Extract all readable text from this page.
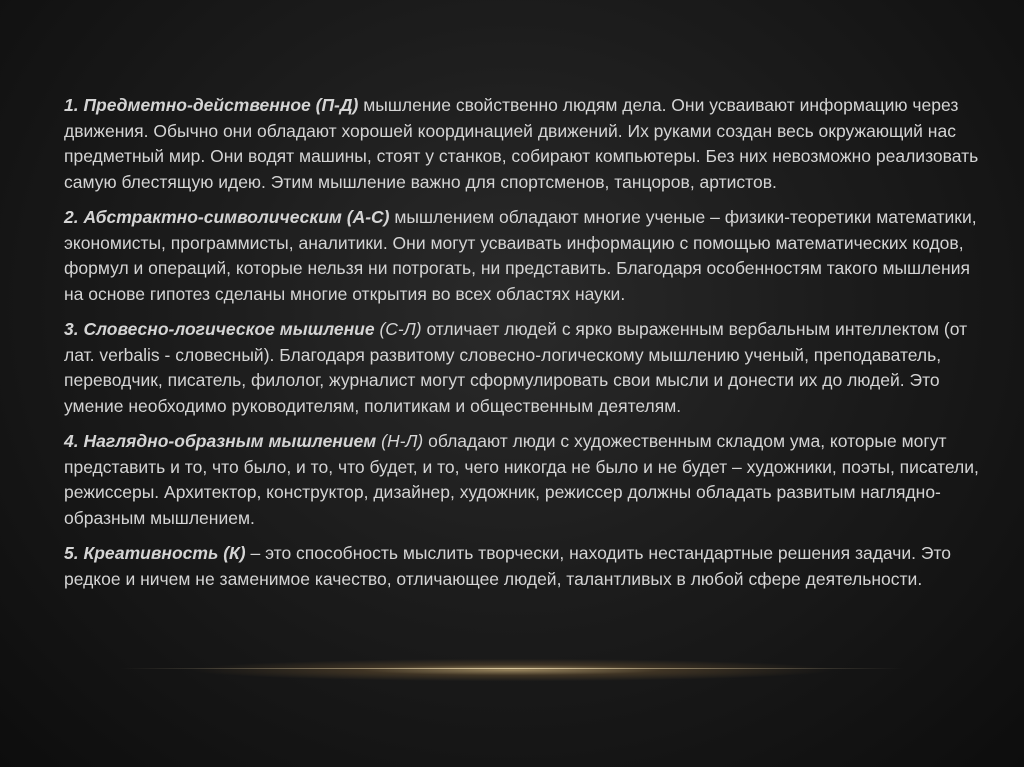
1. Предметно-действенное (П-Д) мышление свойственно людям дела. Они усваивают информацию через движения. Обычно они обладают хорошей координацией движений. Их руками создан весь окружающий нас предметный мир. Они водят машины, стоят у станков, собирают компьютеры. Без них невозможно реализовать самую блестящую идею. Этим мышление важно для спортсменов, танцоров, артистов.

2. Абстрактно-символическим (А-С) мышлением обладают многие ученые – физики-теоретики математики, экономисты, программисты, аналитики. Они могут усваивать информацию с помощью математических кодов, формул и операций, которые нельзя ни потрогать, ни представить. Благодаря особенностям такого мышления на основе гипотез сделаны многие открытия во всех областях науки.

3. Словесно-логическое мышление (С-Л) отличает людей с ярко выраженным вербальным интеллектом (от лат. verbalis - словесный). Благодаря развитому словесно-логическому мышлению ученый, преподаватель, переводчик, писатель, филолог, журналист могут сформулировать свои мысли и донести их до людей. Это умение необходимо руководителям, политикам и общественным деятелям.

4. Наглядно-образным мышлением (Н-Л) обладают люди с художественным складом ума, которые могут представить и то, что было, и то, что будет, и то, чего никогда не было и не будет – художники, поэты, писатели, режиссеры. Архитектор, конструктор, дизайнер, художник, режиссер должны обладать развитым наглядно-образным мышлением.

5. Креативность (К) – это способность мыслить творчески, находить нестандартные решения задачи. Это редкое и ничем не заменимое качество, отличающее людей, талантливых в любой сфере деятельности.
